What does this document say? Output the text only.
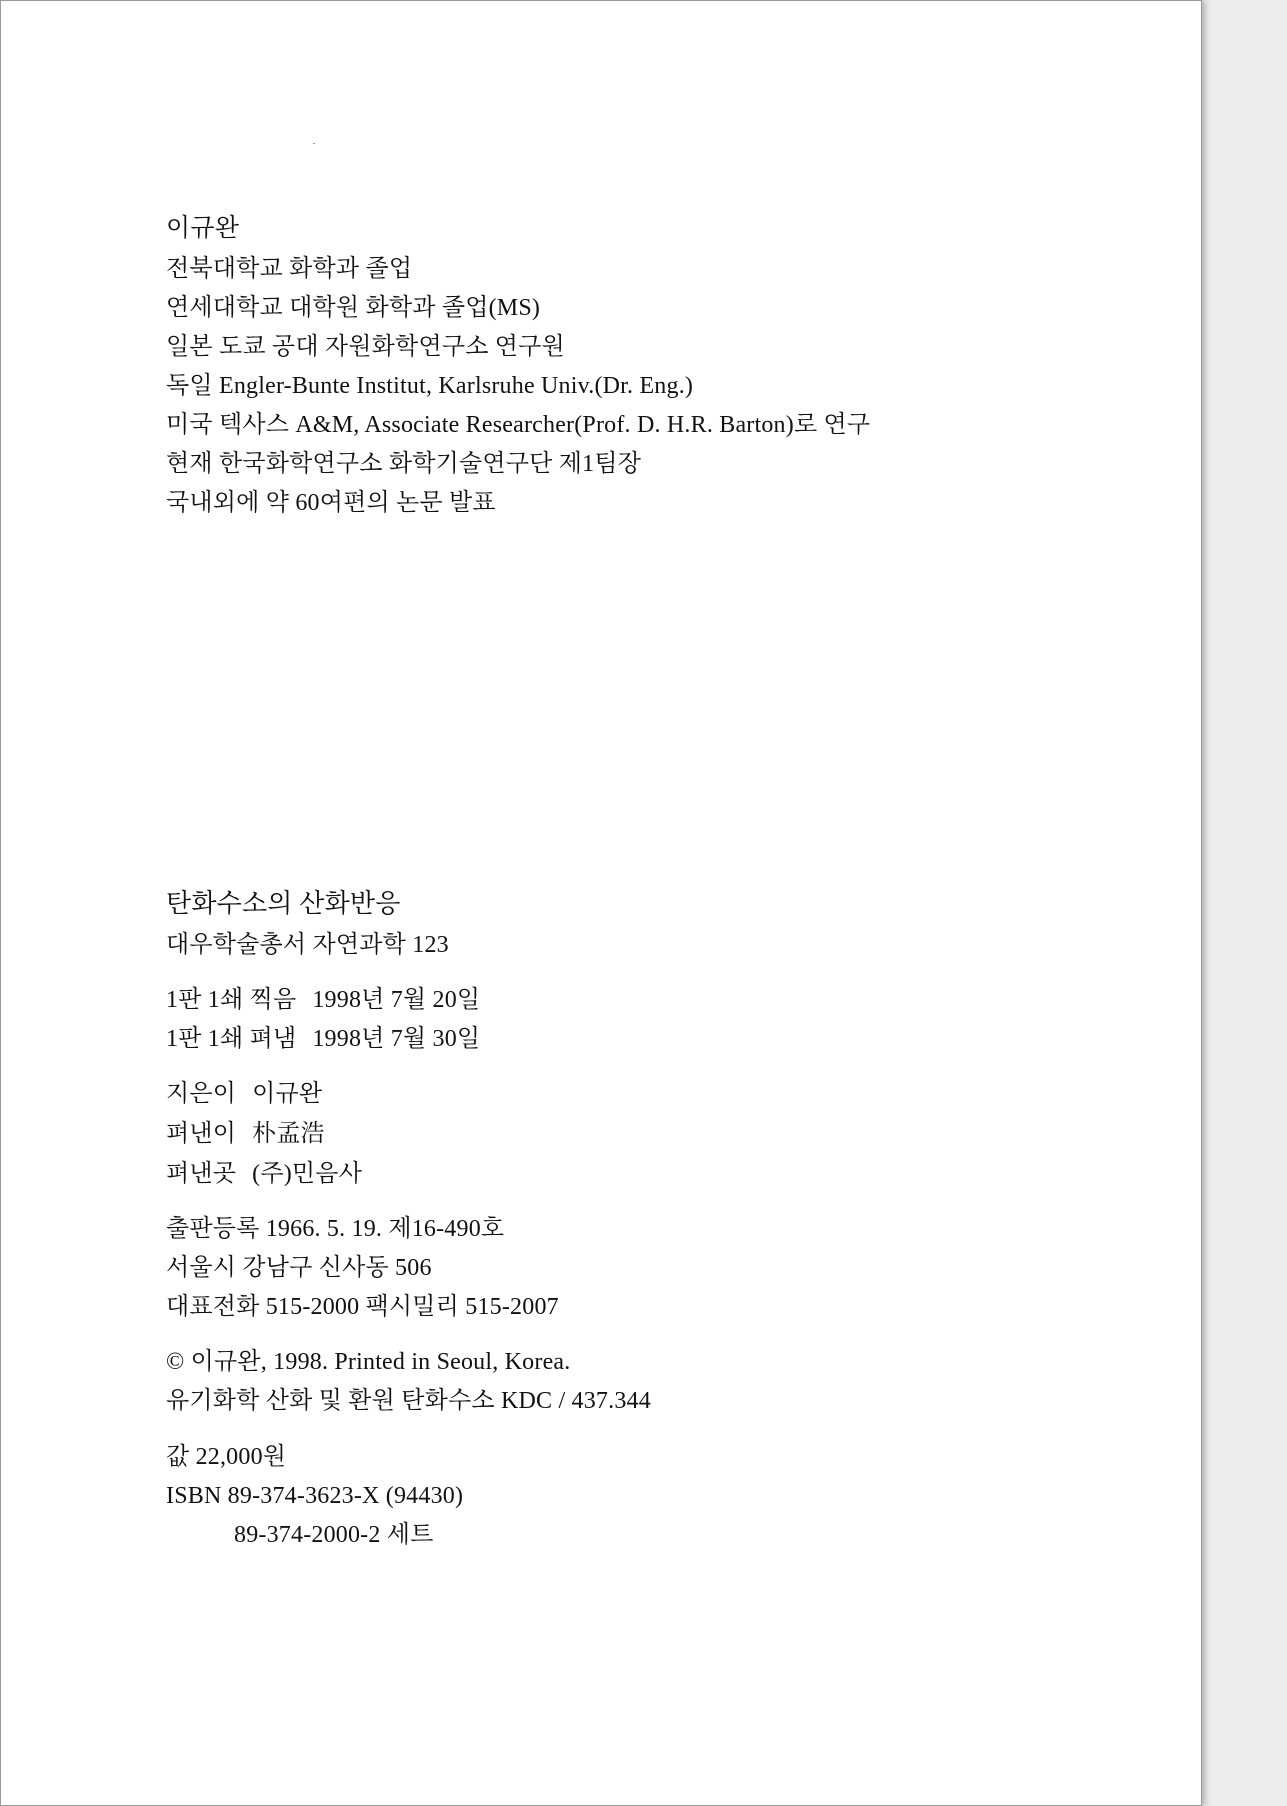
이규완
전북대학교 화학과 졸업
연세대학교 대학원 화학과 졸업(MS)
일본 도쿄 공대 자원화학연구소 연구원
독일 Engler-Bunte Institut, Karlsruhe Univ.(Dr. Eng.)
미국 텍사스 A&M, Associate Researcher(Prof. D. H.R. Barton)로 연구
현재 한국화학연구소 화학기술연구단 제1팀장
국내외에 약 60여편의 논문 발표
탄화수소의 산화반응
대우학술총서 자연과학 123
1판 1쇄 찍음 1998년 7월 20일
1판 1쇄 펴냄 1998년 7월 30일
지은이 이규완
펴낸이 朴孟浩
펴낸곳 (주)민음사
출판등록 1966. 5. 19. 제16-490호
서울시 강남구 신사동 506
대표전화 515-2000 팩시밀리 515-2007
© 이규완, 1998. Printed in Seoul, Korea.
유기화학 산화 및 환원 탄화수소 KDC / 437.344
값 22,000원
ISBN 89-374-3623-X (94430)
89-374-2000-2 세트
